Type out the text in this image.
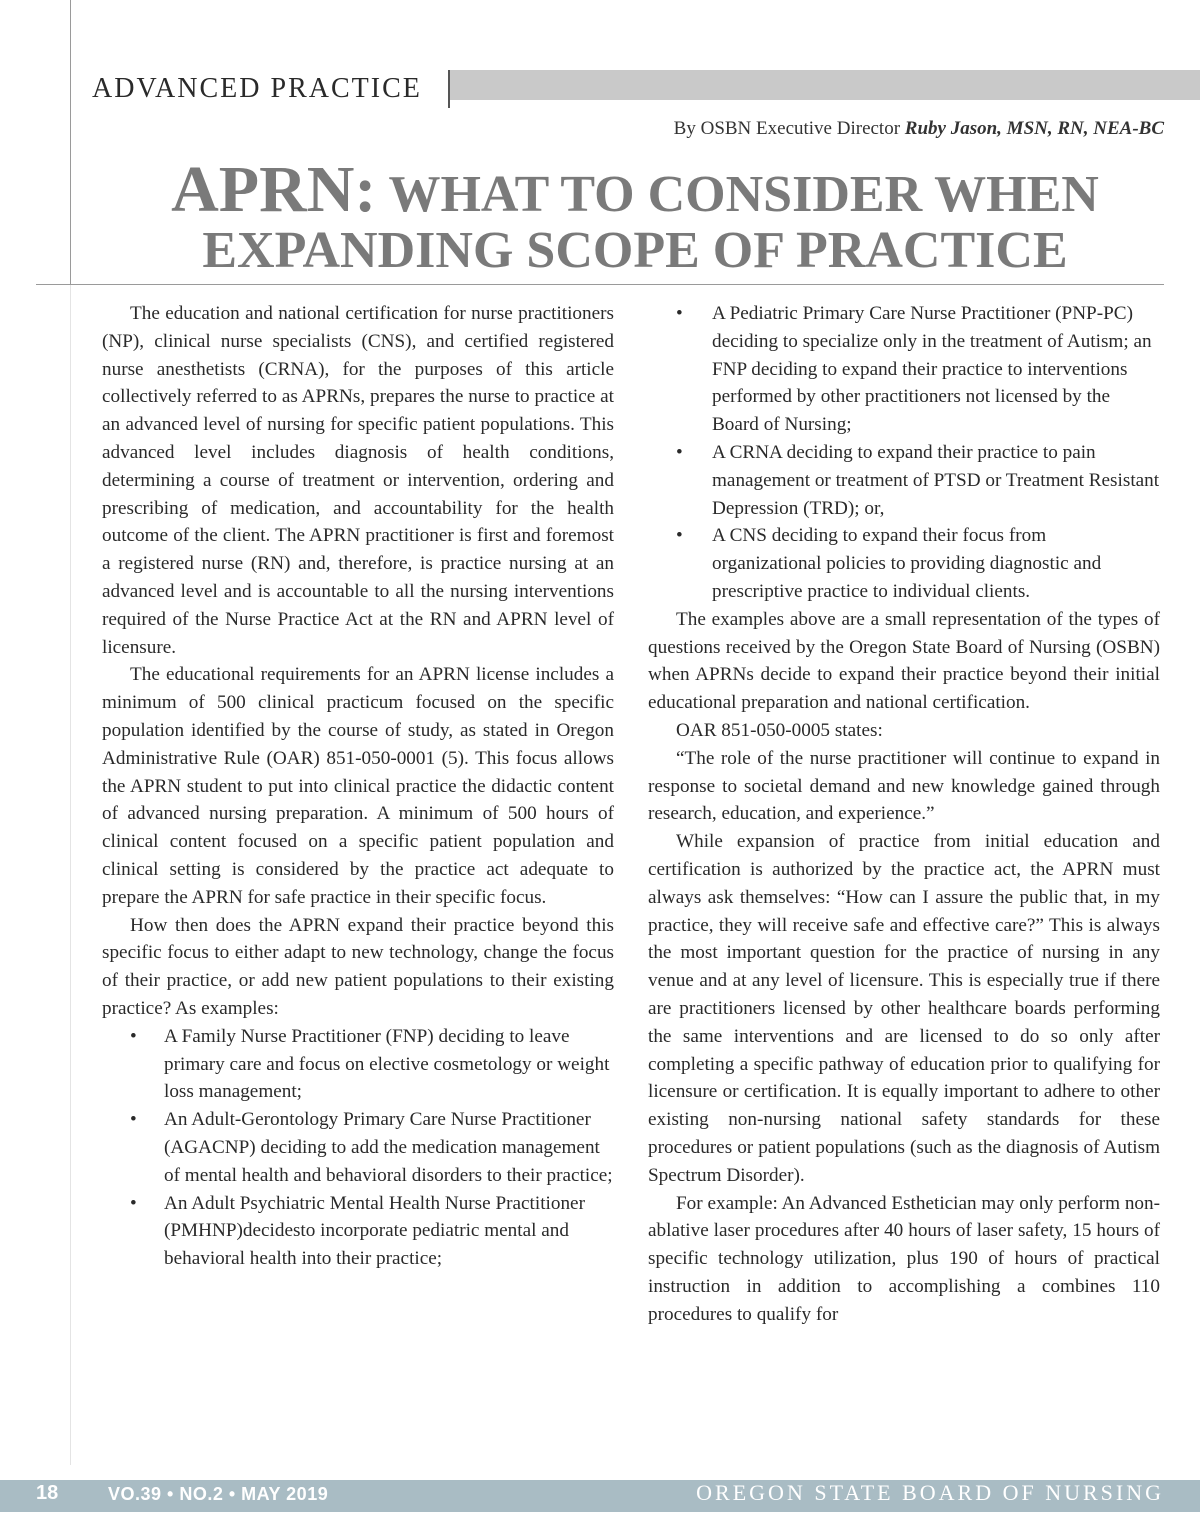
ADVANCED PRACTICE
By OSBN Executive Director Ruby Jason, MSN, RN, NEA-BC
APRN: WHAT TO CONSIDER WHEN
EXPANDING SCOPE OF PRACTICE

The education and national certification for nurse practitioners (NP), clinical nurse specialists (CNS), and certified registered nurse anesthetists (CRNA), for the purposes of this article collectively referred to as APRNs, prepares the nurse to practice at an advanced level of nursing for specific patient populations. This advanced level includes diagnosis of health conditions, determining a course of treatment or intervention, ordering and prescribing of medication, and accountability for the health outcome of the client. The APRN practitioner is first and foremost a registered nurse (RN) and, therefore, is practice nursing at an advanced level and is accountable to all the nursing interventions required of the Nurse Practice Act at the RN and APRN level of licensure.

The educational requirements for an APRN license includes a minimum of 500 clinical practicum focused on the specific population identified by the course of study, as stated in Oregon Administrative Rule (OAR) 851-050-0001 (5). This focus allows the APRN student to put into clinical practice the didactic content of advanced nursing preparation. A minimum of 500 hours of clinical content focused on a specific patient population and clinical setting is considered by the practice act adequate to prepare the APRN for safe practice in their specific focus.

How then does the APRN expand their practice beyond this specific focus to either adapt to new technology, change the focus of their practice, or add new patient populations to their existing practice? As examples:

• A Family Nurse Practitioner (FNP) deciding to leave primary care and focus on elective cosmetology or weight loss management;
• An Adult-Gerontology Primary Care Nurse Practitioner (AGACNP) deciding to add the medication management of mental health and behavioral disorders to their practice;
• An Adult Psychiatric Mental Health Nurse Practitioner (PMHNP)decidesto incorporate pediatric mental and behavioral health into their practice;
• A Pediatric Primary Care Nurse Practitioner (PNP-PC) deciding to specialize only in the treatment of Autism; an FNP deciding to expand their practice to interventions performed by other practitioners not licensed by the Board of Nursing;
• A CRNA deciding to expand their practice to pain management or treatment of PTSD or Treatment Resistant Depression (TRD); or,
• A CNS deciding to expand their focus from organizational policies to providing diagnostic and prescriptive practice to individual clients.

The examples above are a small representation of the types of questions received by the Oregon State Board of Nursing (OSBN) when APRNs decide to expand their practice beyond their initial educational preparation and national certification.

OAR 851-050-0005 states:

“The role of the nurse practitioner will continue to expand in response to societal demand and new knowledge gained through research, education, and experience.”

While expansion of practice from initial education and certification is authorized by the practice act, the APRN must always ask themselves: “How can I assure the public that, in my practice, they will receive safe and effective care?” This is always the most important question for the practice of nursing in any venue and at any level of licensure. This is especially true if there are practitioners licensed by other healthcare boards performing the same interventions and are licensed to do so only after completing a specific pathway of education prior to qualifying for licensure or certification. It is equally important to adhere to other existing non-nursing national safety standards for these procedures or patient populations (such as the diagnosis of Autism Spectrum Disorder).

For example: An Advanced Esthetician may only perform non-ablative laser procedures after 40 hours of laser safety, 15 hours of specific technology utilization, plus 190 of hours of practical instruction in addition to accomplishing a combines 110 procedures to qualify for

18	VO.39 • NO.2 • MAY 2019	OREGON STATE BOARD OF NURSING
